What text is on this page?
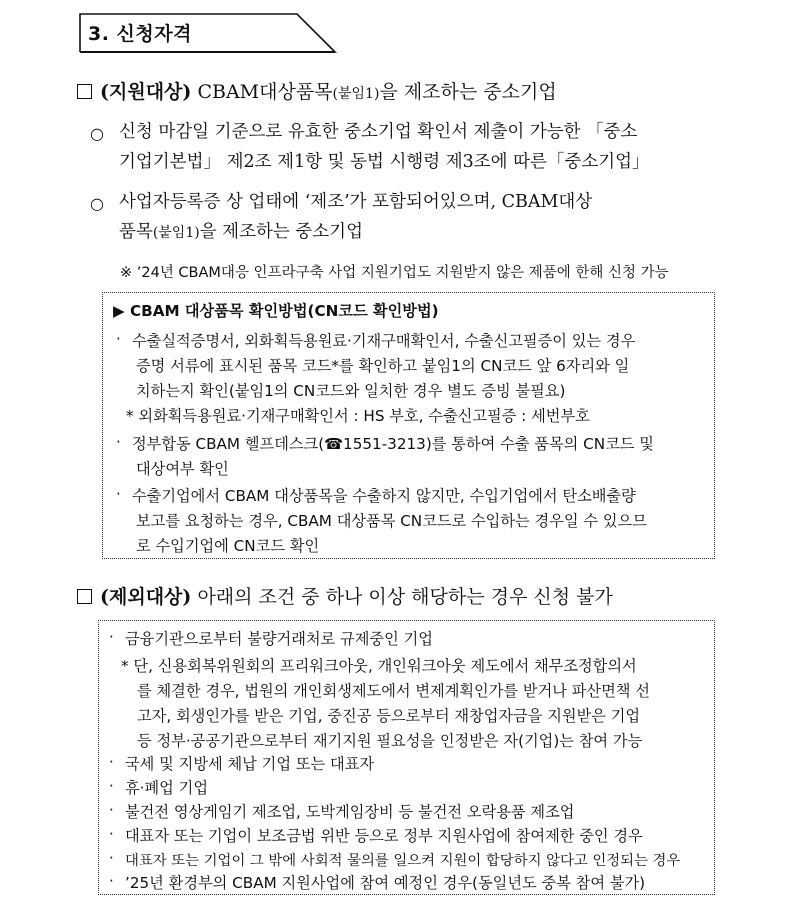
3. 신청자격
(지원대상) CBAM대상품목(붙임1)을 제조하는 중소기업
○ 신청 마감일 기준으로 유효한 중소기업 확인서 제출이 가능한 「중소
기업기본법」 제2조 제1항 및 동법 시행령 제3조에 따른「중소기업」
○ 사업자등록증 상 업태에 ‘제조’가 포함되어있으며, CBAM대상
품목(붙임1)을 제조하는 중소기업
※ ’24년 CBAM대응 인프라구축 사업 지원기업도 지원받지 않은 제품에 한해 신청 가능
▶ CBAM 대상품목 확인방법(CN코드 확인방법)
· 수출실적증명서, 외화획득용원료·기재구매확인서, 수출신고필증이 있는 경우
증명 서류에 표시된 품목 코드*를 확인하고 붙임1의 CN코드 앞 6자리와 일
치하는지 확인(붙임1의 CN코드와 일치한 경우 별도 증빙 불필요)
* 외화획득용원료·기재구매확인서 : HS 부호, 수출신고필증 : 세번부호
· 정부합동 CBAM 헬프데스크(☎1551-3213)를 통하여 수출 품목의 CN코드 및
대상여부 확인
· 수출기업에서 CBAM 대상품목을 수출하지 않지만, 수입기업에서 탄소배출량
보고를 요청하는 경우, CBAM 대상품목 CN코드로 수입하는 경우일 수 있으므
로 수입기업에 CN코드 확인
(제외대상) 아래의 조건 중 하나 이상 해당하는 경우 신청 불가
· 금융기관으로부터 불량거래처로 규제중인 기업
* 단, 신용회복위원회의 프리워크아웃, 개인워크아웃 제도에서 채무조정합의서
를 체결한 경우, 법원의 개인회생제도에서 변제계획인가를 받거나 파산면책 선
고자, 회생인가를 받은 기업, 중진공 등으로부터 재창업자금을 지원받은 기업
등 정부·공공기관으로부터 재기지원 필요성을 인정받은 자(기업)는 참여 가능
· 국세 및 지방세 체납 기업 또는 대표자
· 휴·폐업 기업
· 불건전 영상게임기 제조업, 도박게임장비 등 불건전 오락용품 제조업
· 대표자 또는 기업이 보조금법 위반 등으로 정부 지원사업에 참여제한 중인 경우
· 대표자 또는 기업이 그 밖에 사회적 물의를 일으켜 지원이 합당하지 않다고 인정되는 경우
· ’25년 환경부의 CBAM 지원사업에 참여 예정인 경우(동일년도 중복 참여 불가)
